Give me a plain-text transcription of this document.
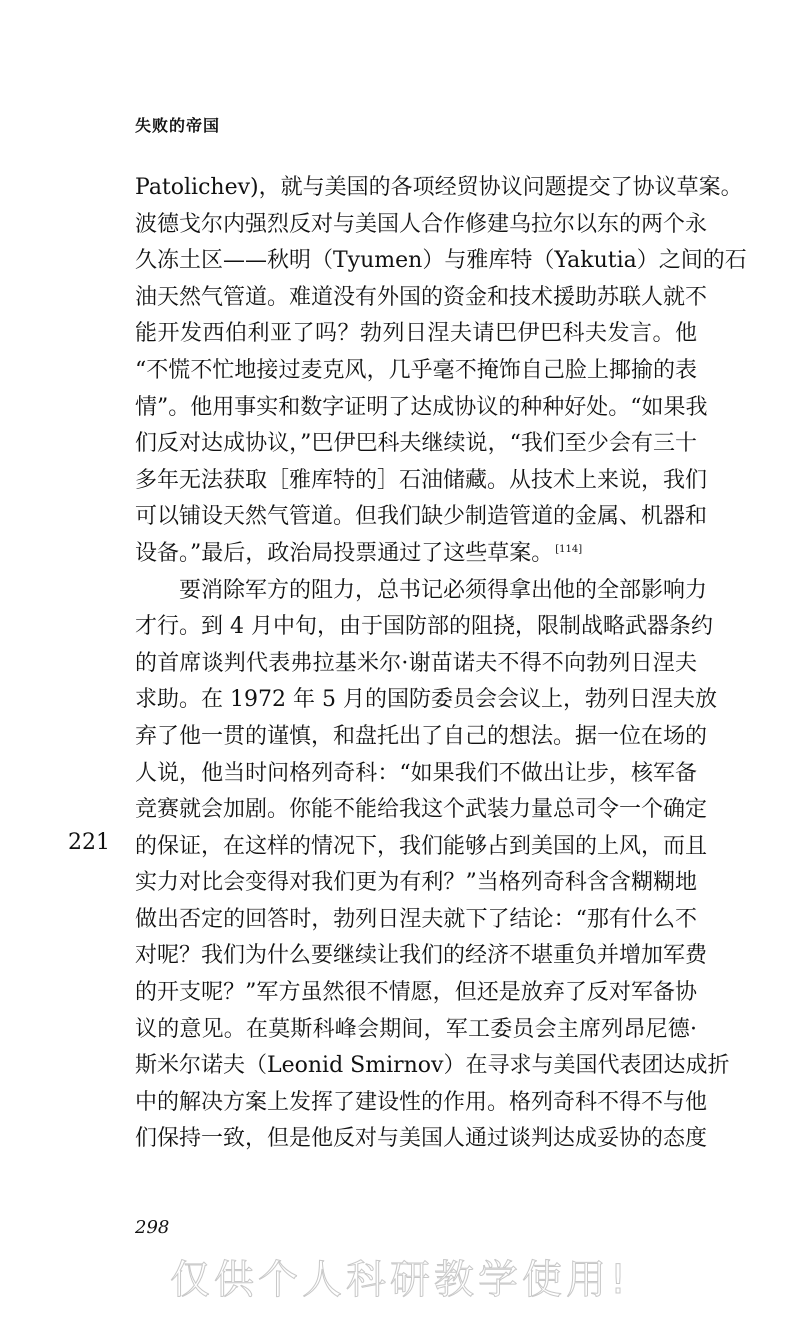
失败的帝国
Patolichev)，就与美国的各项经贸协议问题提交了协议草案。
波德戈尔内强烈反对与美国人合作修建乌拉尔以东的两个永
久冻土区——秋明（Tyumen）与雅库特（Yakutia）之间的石
油天然气管道。难道没有外国的资金和技术援助苏联人就不
能开发西伯利亚了吗？勃列日涅夫请巴伊巴科夫发言。他
“不慌不忙地接过麦克风，几乎毫不掩饰自己脸上揶揄的表
情”。他用事实和数字证明了达成协议的种种好处。“如果我
们反对达成协议，”巴伊巴科夫继续说，“我们至少会有三十
多年无法获取［雅库特的］石油储藏。从技术上来说，我们
可以铺设天然气管道。但我们缺少制造管道的金属、机器和
设备。”最后，政治局投票通过了这些草案。 [114]
要消除军方的阻力，总书记必须得拿出他的全部影响力
才行。到 4 月中旬，由于国防部的阻挠，限制战略武器条约
的首席谈判代表弗拉基米尔·谢苗诺夫不得不向勃列日涅夫
求助。在 1972 年 5 月的国防委员会会议上，勃列日涅夫放
弃了他一贯的谨慎，和盘托出了自己的想法。据一位在场的
人说，他当时问格列奇科：“如果我们不做出让步，核军备
竞赛就会加剧。你能不能给我这个武装力量总司令一个确定
的保证，在这样的情况下，我们能够占到美国的上风，而且
实力对比会变得对我们更为有利？”当格列奇科含含糊糊地
做出否定的回答时，勃列日涅夫就下了结论：“那有什么不
对呢？我们为什么要继续让我们的经济不堪重负并增加军费
的开支呢？”军方虽然很不情愿，但还是放弃了反对军备协
议的意见。在莫斯科峰会期间，军工委员会主席列昂尼德·
斯米尔诺夫（Leonid Smirnov）在寻求与美国代表团达成折
中的解决方案上发挥了建设性的作用。格列奇科不得不与他
们保持一致，但是他反对与美国人通过谈判达成妥协的态度
221
298
仅供个人科研教学使用!
